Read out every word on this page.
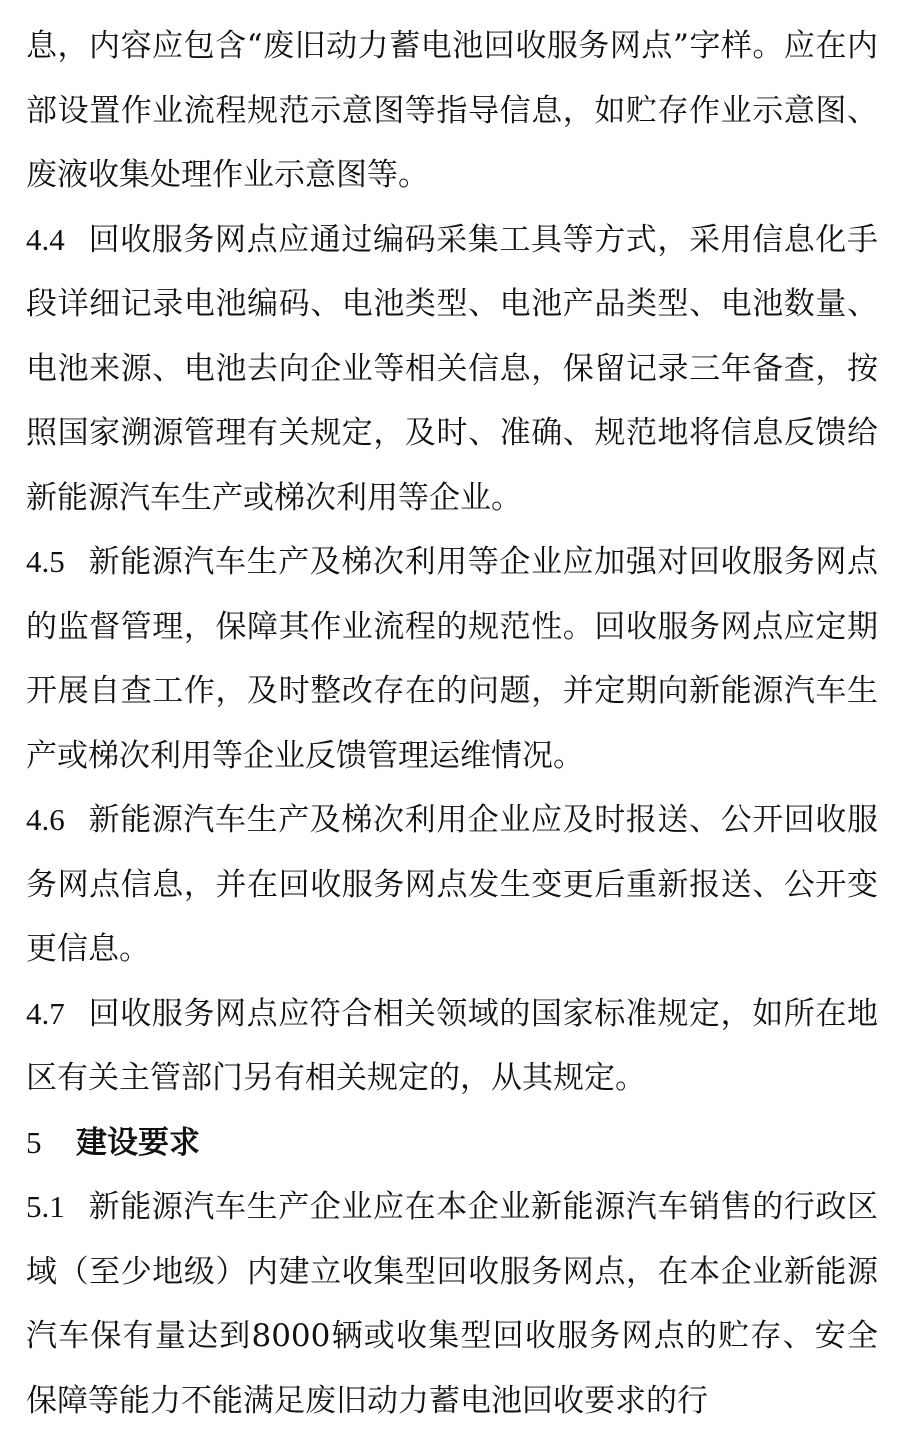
息，内容应包含“废旧动力蓄电池回收服务网点”字样。应在内部设置作业流程规范示意图等指导信息，如贮存作业示意图、废液收集处理作业示意图等。

4.4 回收服务网点应通过编码采集工具等方式，采用信息化手段详细记录电池编码、电池类型、电池产品类型、电池数量、电池来源、电池去向企业等相关信息，保留记录三年备查，按照国家溯源管理有关规定，及时、准确、规范地将信息反馈给新能源汽车生产或梯次利用等企业。

4.5 新能源汽车生产及梯次利用等企业应加强对回收服务网点的监督管理，保障其作业流程的规范性。回收服务网点应定期开展自查工作，及时整改存在的问题，并定期向新能源汽车生产或梯次利用等企业反馈管理运维情况。

4.6 新能源汽车生产及梯次利用企业应及时报送、公开回收服务网点信息，并在回收服务网点发生变更后重新报送、公开变更信息。

4.7 回收服务网点应符合相关领域的国家标准规定，如所在地区有关主管部门另有相关规定的，从其规定。

5 建设要求

5.1 新能源汽车生产企业应在本企业新能源汽车销售的行政区域（至少地级）内建立收集型回收服务网点，在本企业新能源汽车保有量达到8000辆或收集型回收服务网点的贮存、安全保障等能力不能满足废旧动力蓄电池回收要求的行
